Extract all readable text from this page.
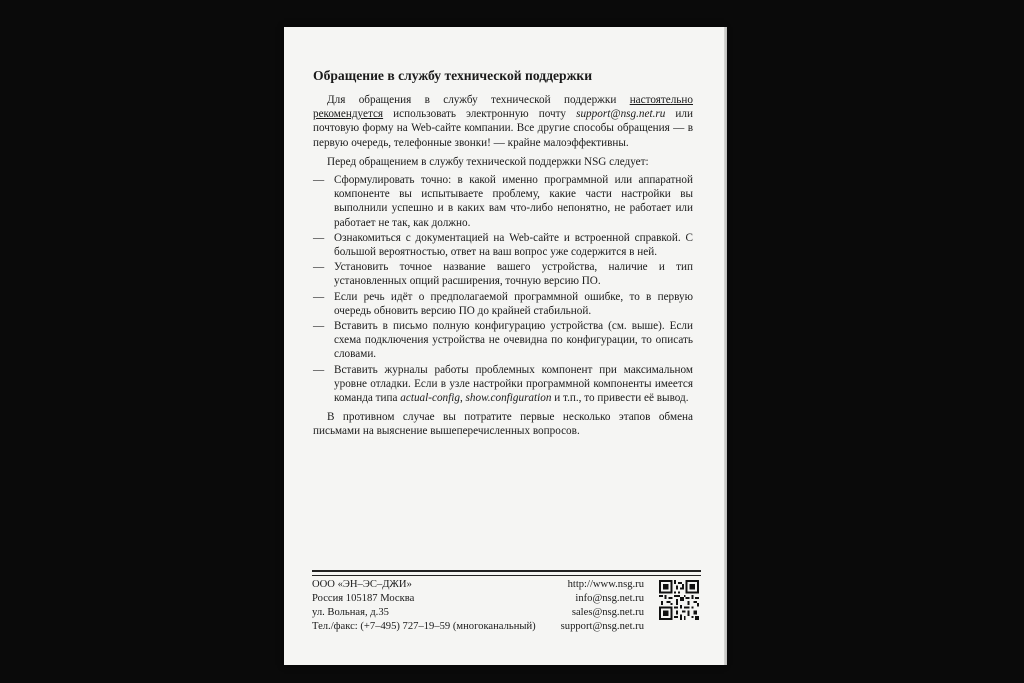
Обращение в службу технической поддержки

Для обращения в службу технической поддержки настоятельно рекомендуется использовать электронную почту support@nsg.net.ru или почтовую форму на Web-сайте компании. Все другие способы обращения — в первую очередь, телефонные звонки! — крайне малоэффективны.

Перед обращением в службу технической поддержки NSG следует:

— Сформулировать точно: в какой именно программной или аппаратной компоненте вы испытываете проблему, какие части настройки вы выполнили успешно и в каких вам что-либо непонятно, не работает или работает не так, как должно.
— Ознакомиться с документацией на Web-сайте и встроенной справкой. С большой вероятностью, ответ на ваш вопрос уже содержится в ней.
— Установить точное название вашего устройства, наличие и тип установленных опций расширения, точную версию ПО.
— Если речь идёт о предполагаемой программной ошибке, то в первую очередь обновить версию ПО до крайней стабильной.
— Вставить в письмо полную конфигурацию устройства (см. выше). Если схема подключения устройства не очевидна по конфигурации, то описать словами.
— Вставить журналы работы проблемных компонент при максимальном уровне отладки. Если в узле настройки программной компоненты имеется команда типа actual-config, show.configuration и т.п., то привести её вывод.

В противном случае вы потратите первые несколько этапов обмена письмами на выяснение вышеперечисленных вопросов.

ООО «ЭН–ЭС–ДЖИ»
Россия 105187 Москва
ул. Вольная, д.35
Тел./факс: (+7–495) 727–19–59 (многоканальный)
http://www.nsg.ru
info@nsg.net.ru
sales@nsg.net.ru
support@nsg.net.ru
